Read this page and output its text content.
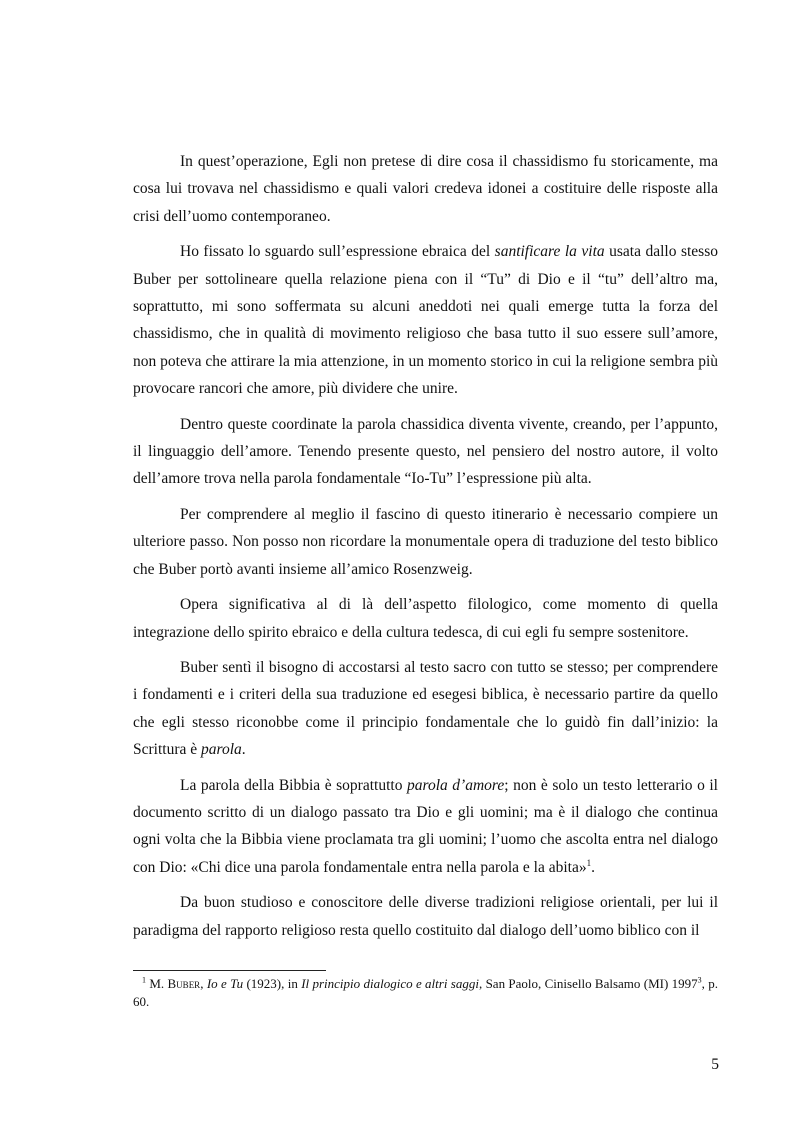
In quest’operazione, Egli non pretese di dire cosa il chassidismo fu storicamente, ma cosa lui trovava nel chassidismo e quali valori credeva idonei a costituire delle risposte alla crisi dell’uomo contemporaneo.

Ho fissato lo sguardo sull’espressione ebraica del santificare la vita usata dallo stesso Buber per sottolineare quella relazione piena con il “Tu” di Dio e il “tu” dell’altro ma, soprattutto, mi sono soffermata su alcuni aneddoti nei quali emerge tutta la forza del chassidismo, che in qualità di movimento religioso che basa tutto il suo essere sull’amore, non poteva che attirare la mia attenzione, in un momento storico in cui la religione sembra più provocare rancori che amore, più dividere che unire.

Dentro queste coordinate la parola chassidica diventa vivente, creando, per l’appunto, il linguaggio dell’amore. Tenendo presente questo, nel pensiero del nostro autore, il volto dell’amore trova nella parola fondamentale “Io-Tu” l’espressione più alta.

Per comprendere al meglio il fascino di questo itinerario è necessario compiere un ulteriore passo. Non posso non ricordare la monumentale opera di traduzione del testo biblico che Buber portò avanti insieme all’amico Rosenzweig.

Opera significativa al di là dell’aspetto filologico, come momento di quella integrazione dello spirito ebraico e della cultura tedesca, di cui egli fu sempre sostenitore.

Buber sentì il bisogno di accostarsi al testo sacro con tutto se stesso; per comprendere i fondamenti e i criteri della sua traduzione ed esegesi biblica, è necessario partire da quello che egli stesso riconobbe come il principio fondamentale che lo guidò fin dall’inizio: la Scrittura è parola.

La parola della Bibbia è soprattutto parola d’amore; non è solo un testo letterario o il documento scritto di un dialogo passato tra Dio e gli uomini; ma è il dialogo che continua ogni volta che la Bibbia viene proclamata tra gli uomini; l’uomo che ascolta entra nel dialogo con Dio: «Chi dice una parola fondamentale entra nella parola e la abita»$^1$.

Da buon studioso e conoscitore delle diverse tradizioni religiose orientali, per lui il paradigma del rapporto religioso resta quello costituito dal dialogo dell’uomo biblico con il

$^1$ M. Buber, Io e Tu (1923), in Il principio dialogico e altri saggi, San Paolo, Cinisello Balsamo (MI) 1997$^3$, p. 60.
5
